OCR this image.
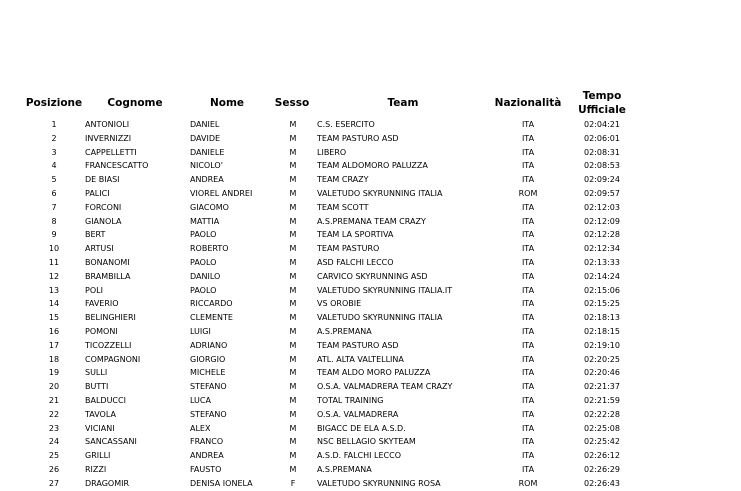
Posizione	Cognome	Nome	Sesso	Team	Nazionalità
Tempo
Ufficiale
1	ANTONIOLI	DANIEL	M	C.S. ESERCITO	ITA	02:04:21
2	INVERNIZZI	DAVIDE	M	TEAM PASTURO ASD	ITA	02:06:01
3	CAPPELLETTI	DANIELE	M	LIBERO	ITA	02:08:31
4	FRANCESCATTO	NICOLO'	M	TEAM ALDOMORO PALUZZA	ITA	02:08:53
5	DE BIASI	ANDREA	M	TEAM CRAZY	ITA	02:09:24
6	PALICI	VIOREL ANDREI	M	VALETUDO SKYRUNNING ITALIA	ROM	02:09:57
7	FORCONI	GIACOMO	M	TEAM SCOTT	ITA	02:12:03
8	GIANOLA	MATTIA	M	A.S.PREMANA TEAM CRAZY	ITA	02:12:09
9	BERT	PAOLO	M	TEAM LA SPORTIVA	ITA	02:12:28
10	ARTUSI	ROBERTO	M	TEAM PASTURO	ITA	02:12:34
11	BONANOMI	PAOLO	M	ASD FALCHI LECCO	ITA	02:13:33
12	BRAMBILLA	DANILO	M	CARVICO SKYRUNNING ASD	ITA	02:14:24
13	POLI	PAOLO	M	VALETUDO SKYRUNNING ITALIA.IT	ITA	02:15:06
14	FAVERIO	RICCARDO	M	VS OROBIE	ITA	02:15:25
15	BELINGHIERI	CLEMENTE	M	VALETUDO SKYRUNNING ITALIA	ITA	02:18:13
16	POMONI	LUIGI	M	A.S.PREMANA	ITA	02:18:15
17	TICOZZELLI	ADRIANO	M	TEAM PASTURO ASD	ITA	02:19:10
18	COMPAGNONI	GIORGIO	M	ATL. ALTA VALTELLINA	ITA	02:20:25
19	SULLI	MICHELE	M	TEAM ALDO MORO PALUZZA	ITA	02:20:46
20	BUTTI	STEFANO	M	O.S.A. VALMADRERA TEAM CRAZY	ITA	02:21:37
21	BALDUCCI	LUCA	M	TOTAL TRAINING	ITA	02:21:59
22	TAVOLA	STEFANO	M	O.S.A. VALMADRERA	ITA	02:22:28
23	VICIANI	ALEX	M	BIGACC DE ELA A.S.D.	ITA	02:25:08
24	SANCASSANI	FRANCO	M	NSC BELLAGIO SKYTEAM	ITA	02:25:42
25	GRILLI	ANDREA	M	A.S.D. FALCHI LECCO	ITA	02:26:12
26	RIZZI	FAUSTO	M	A.S.PREMANA	ITA	02:26:29
27	DRAGOMIR	DENISA IONELA	F	VALETUDO SKYRUNNING ROSA	ROM	02:26:43
